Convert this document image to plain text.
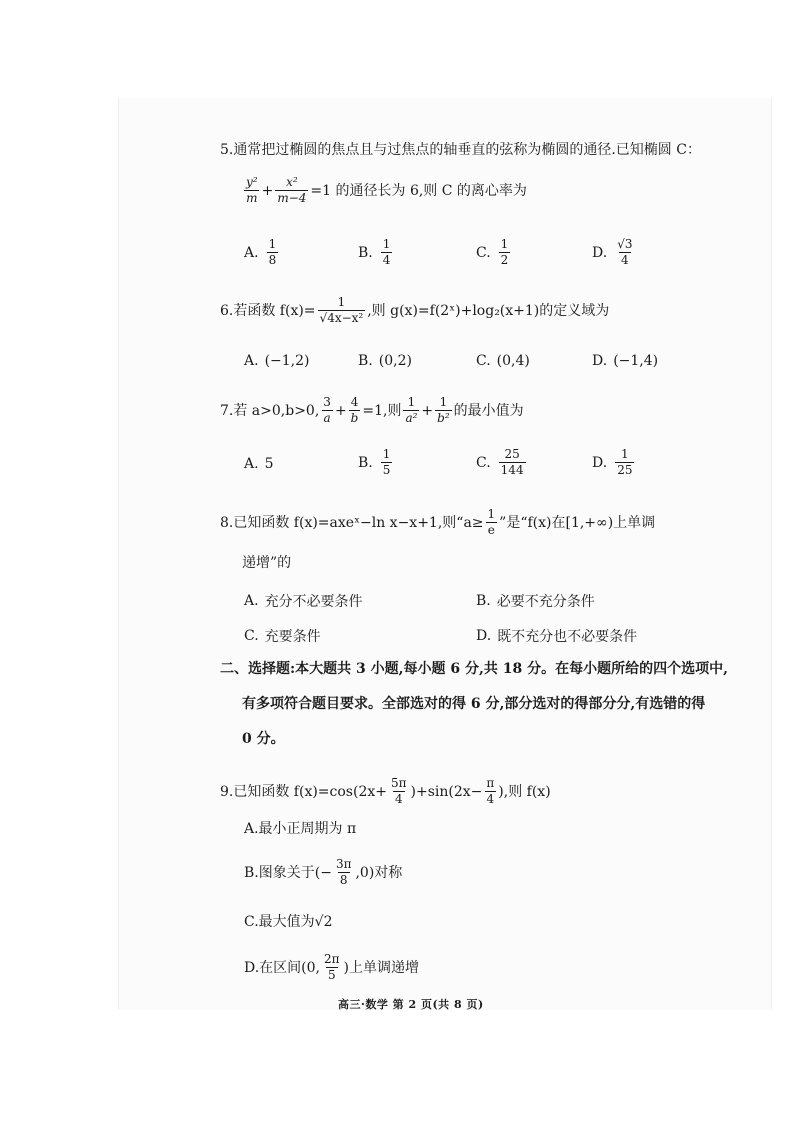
5.通常把过椭圆的焦点且与过焦点的轴垂直的弦称为椭圆的通径.已知椭圆 C：
$\frac{\text{y²}}{m} + \frac{\text{x²}}{m-4} =1$ 的通径长为 6,则 C 的离心率为
A. $\frac{1}{8}$	B. $\frac{1}{4}$	C. $\frac{1}{2}$	D. $\frac{√3}{4}$
6.若函数 $f(x)= \frac{1}{\text{√4x−x²}}$ ,则 g(x)=f(2ˣ)+log₂(x+1)的定义域为
A. (−1,2)	B. (0,2)	C. (0,4)	D. (−1,4)
7.若 a>0,b>0, $\frac{3}{a} + \frac{4}{b} =1$,则 $\frac{1}{\text{a²}} + \frac{1}{\text{b²}}$ 的最小值为
A. 5	B. $\frac{1}{5}$	C. $\frac{25}{144}$	D. $\frac{1}{25}$
8.已知函数 f(x)=axeˣ−ln x−x+1,则“$a\ge \frac{1}{e}$ ”是“f(x)在[1,+∞)上单调
递增”的
A. 充分不必要条件	B. 必要不充分条件
C. 充要条件	D. 既不充分也不必要条件
二、选择题:本大题共 3 小题,每小题 6 分,共 18 分。在每小题所给的四个选项中,
有多项符合题目要求。全部选对的得 6 分,部分选对的得部分分,有选错的得
0 分。
9.已知函数 $f(x)=\cos(2x+ \frac{5\pi}{4} )+\sin(2x- \frac{\pi}{4}$ ),则 f(x)
A.最小正周期为 π
B.图象关于(− $\frac{3\pi}{8} ,0$)对称
C.最大值为√2
D.在区间(0, $\frac{2\pi}{5}$ )上单调递增
高三·数学 第 2 页(共 8 页)
